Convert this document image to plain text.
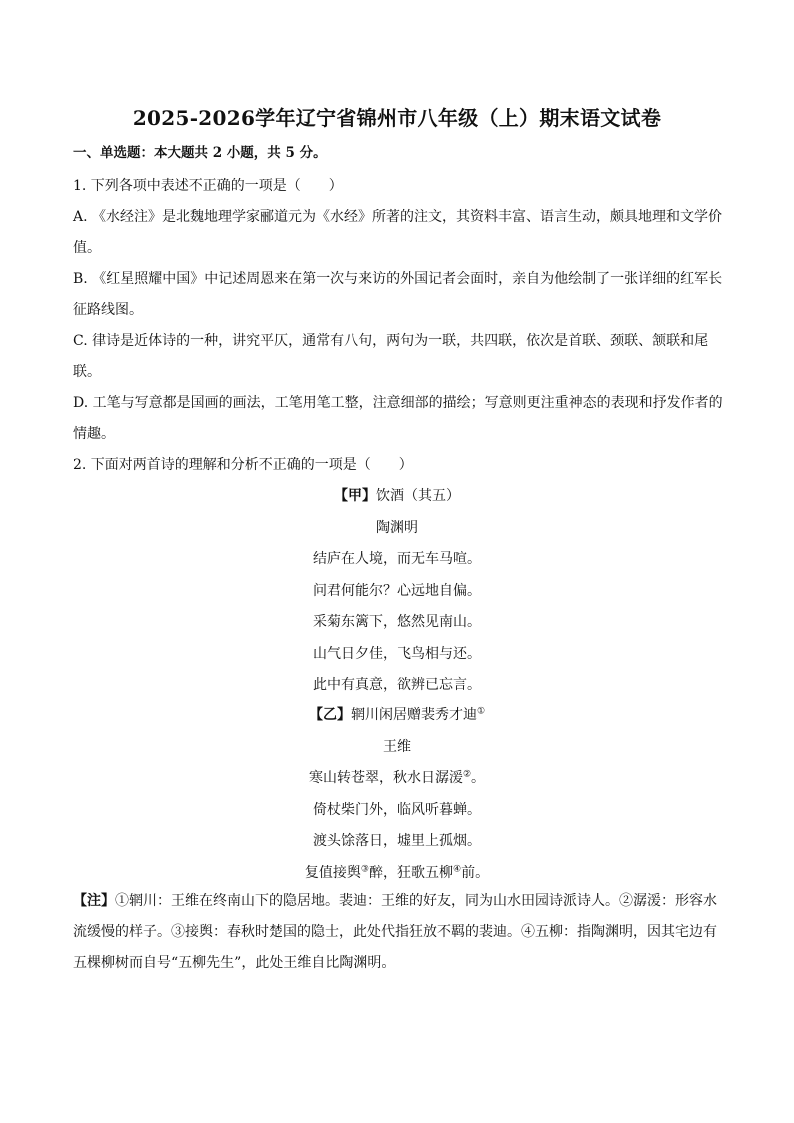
2025-2026学年辽宁省锦州市八年级（上）期末语文试卷
一、单选题：本大题共 2 小题，共 5 分。

1. 下列各项中表述不正确的一项是（　　）

A. 《水经注》是北魏地理学家郦道元为《水经》所著的注文，其资料丰富、语言生动，颇具地理和文学价值。

B. 《红星照耀中国》中记述周恩来在第一次与来访的外国记者会面时，亲自为他绘制了一张详细的红军长征路线图。

C. 律诗是近体诗的一种，讲究平仄，通常有八句，两句为一联，共四联，依次是首联、颈联、颔联和尾联。

D. 工笔与写意都是国画的画法，工笔用笔工整，注意细部的描绘；写意则更注重神态的表现和抒发作者的情趣。

2. 下面对两首诗的理解和分析不正确的一项是（　　）

【甲】饮酒（其五）
陶渊明
结庐在人境，而无车马喧。
问君何能尔？心远地自偏。
采菊东篱下，悠然见南山。
山气日夕佳，飞鸟相与还。
此中有真意，欲辨已忘言。
【乙】辋川闲居赠裴秀才迪①
王维
寒山转苍翠，秋水日潺湲②。
倚杖柴门外，临风听暮蝉。
渡头馀落日，墟里上孤烟。
复值接舆③醉，狂歌五柳④前。
【注】①辋川：王维在终南山下的隐居地。裴迪：王维的好友，同为山水田园诗派诗人。②潺湲：形容水流缓慢的样子。③接舆：春秋时楚国的隐士，此处代指狂放不羁的裴迪。④五柳：指陶渊明，因其宅边有五棵柳树而自号“五柳先生”，此处王维自比陶渊明。
